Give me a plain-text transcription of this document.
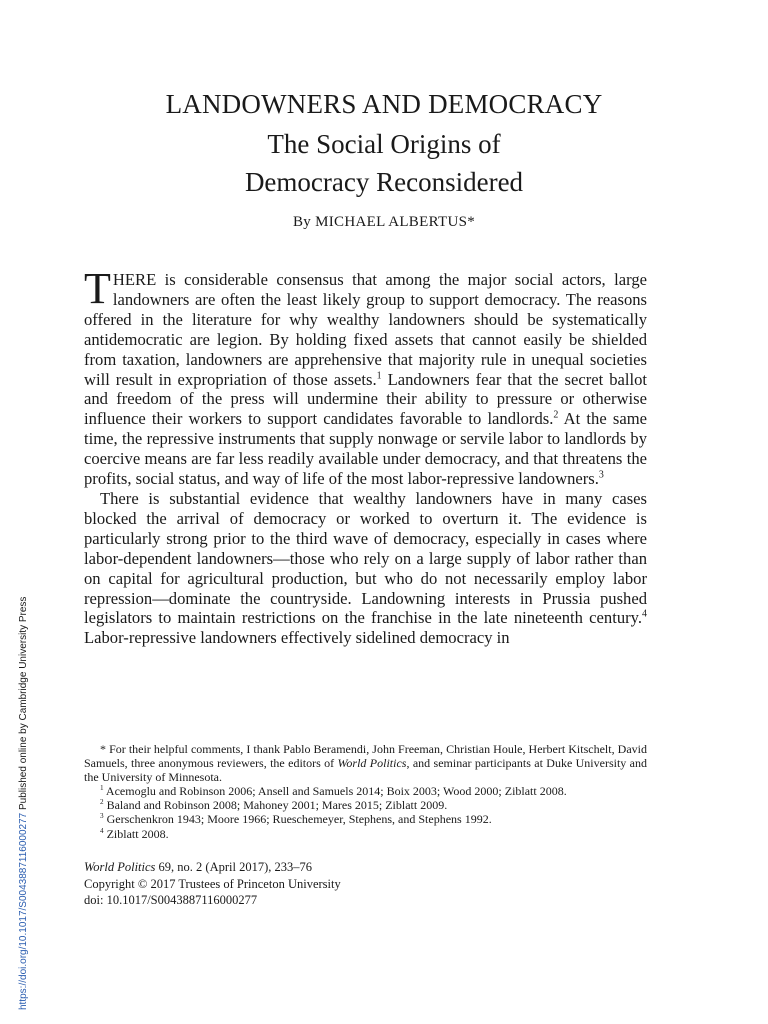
LANDOWNERS AND DEMOCRACY
The Social Origins of
Democracy Reconsidered
By MICHAEL ALBERTUS*

THERE is considerable consensus that among the major social actors, large landowners are often the least likely group to support democracy. The reasons offered in the literature for why wealthy landowners should be systematically antidemocratic are legion. By holding fixed assets that cannot easily be shielded from taxation, landowners are apprehensive that majority rule in unequal societies will result in expropriation of those assets.$^1$ Landowners fear that the secret ballot and freedom of the press will undermine their ability to pressure or otherwise influence their workers to support candidates favorable to landlords.$^2$ At the same time, the repressive instruments that supply nonwage or servile labor to landlords by coercive means are far less readily available under democracy, and that threatens the profits, social status, and way of life of the most labor-repressive landowners.$^3$

There is substantial evidence that wealthy landowners have in many cases blocked the arrival of democracy or worked to overturn it. The evidence is particularly strong prior to the third wave of democracy, especially in cases where labor-dependent landowners—those who rely on a large supply of labor rather than on capital for agricultural production, but who do not necessarily employ labor repression—dominate the countryside. Landowning interests in Prussia pushed legislators to maintain restrictions on the franchise in the late nineteenth century.$^4$ Labor-repressive landowners effectively sidelined democracy in

* For their helpful comments, I thank Pablo Beramendi, John Freeman, Christian Houle, Herbert Kitschelt, David Samuels, three anonymous reviewers, the editors of World Politics, and seminar participants at Duke University and the University of Minnesota.

$^1$ Acemoglu and Robinson 2006; Ansell and Samuels 2014; Boix 2003; Wood 2000; Ziblatt 2008.

$^2$ Baland and Robinson 2008; Mahoney 2001; Mares 2015; Ziblatt 2009.

$^3$ Gerschenkron 1943; Moore 1966; Rueschemeyer, Stephens, and Stephens 1992.

$^4$ Ziblatt 2008.

World Politics 69, no. 2 (April 2017), 233–76
Copyright © 2017 Trustees of Princeton University
doi: 10.1017/S0043887116000277
https://doi.org/10.1017/S0043887116000277 Published online by Cambridge University Press
